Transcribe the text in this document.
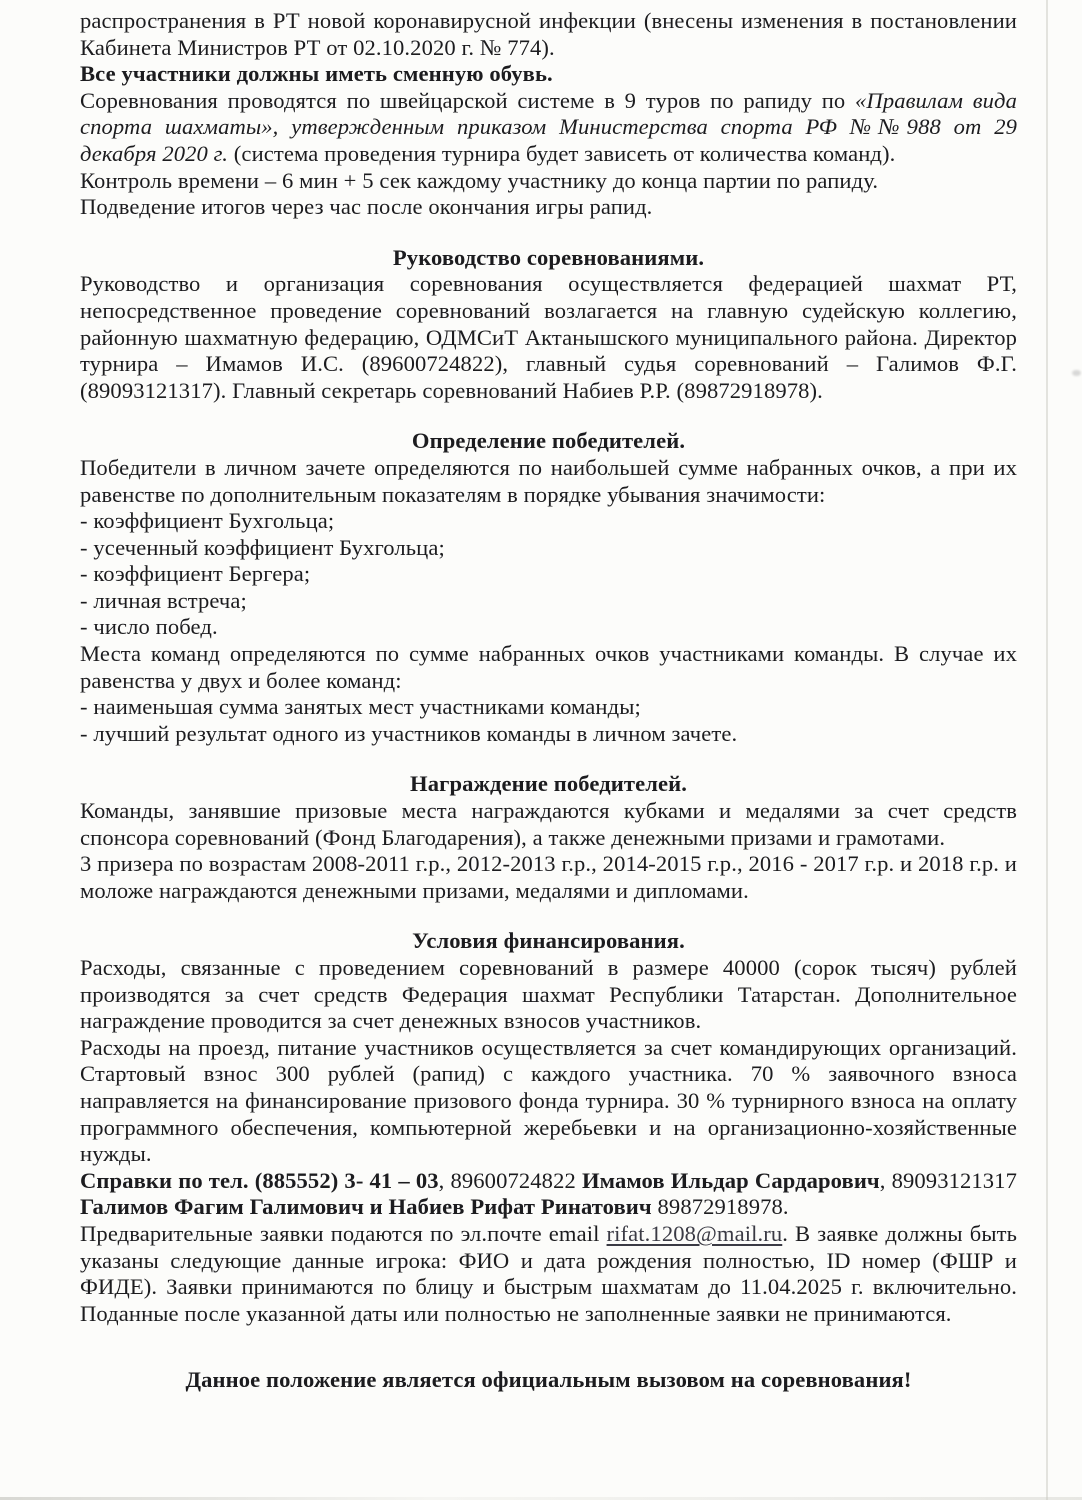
распространения в РТ новой коронавирусной инфекции (внесены изменения в постановлении Кабинета Министров РТ от 02.10.2020 г. № 774).
Все участники должны иметь сменную обувь.
Соревнования проводятся по швейцарской системе в 9 туров по рапиду по «Правилам вида спорта шахматы», утвержденным приказом Министерства спорта РФ №№988 от 29 декабря 2020 г. (система проведения турнира будет зависеть от количества команд).
Контроль времени – 6 мин + 5 сек каждому участнику до конца партии по рапиду.
Подведение итогов через час после окончания игры рапид.
Руководство соревнованиями.
Руководство и организация соревнования осуществляется федерацией шахмат РТ, непосредственное проведение соревнований возлагается на главную судейскую коллегию, районную шахматную федерацию, ОДМСиТ Актанышского муниципального района. Директор турнира – Имамов И.С. (89600724822), главный судья соревнований – Галимов Ф.Г. (89093121317). Главный секретарь соревнований Набиев Р.Р. (89872918978).
Определение победителей.
Победители в личном зачете определяются по наибольшей сумме набранных очков, а при их равенстве по дополнительным показателям в порядке убывания значимости:
- коэффициент Бухгольца;
- усеченный коэффициент Бухгольца;
- коэффициент Бергера;
- личная встреча;
- число побед.
Места команд определяются по сумме набранных очков участниками команды. В случае их равенства у двух и более команд:
- наименьшая сумма занятых мест участниками команды;
- лучший результат одного из участников команды в личном зачете.
Награждение победителей.
Команды, занявшие призовые места награждаются кубками и медалями за счет средств спонсора соревнований (Фонд Благодарения), а также денежными призами и грамотами.
3 призера по возрастам 2008-2011 г.р., 2012-2013 г.р., 2014-2015 г.р., 2016 - 2017 г.р. и 2018 г.р. и моложе награждаются денежными призами, медалями и дипломами.
Условия финансирования.
Расходы, связанные с проведением соревнований в размере 40000 (сорок тысяч) рублей производятся за счет средств Федерация шахмат Республики Татарстан. Дополнительное награждение проводится за счет денежных взносов участников.
Расходы на проезд, питание участников осуществляется за счет командирующих организаций. Стартовый взнос 300 рублей (рапид) с каждого участника. 70 % заявочного взноса направляется на финансирование призового фонда турнира. 30 % турнирного взноса на оплату программного обеспечения, компьютерной жеребьевки и на организационно-хозяйственные нужды.
Справки по тел. (885552) 3- 41 – 03, 89600724822 Имамов Ильдар Сардарович, 89093121317 Галимов Фагим Галимович и Набиев Рифат Ринатович 89872918978.
Предварительные заявки подаются по эл.почте email rifat.1208@mail.ru. В заявке должны быть указаны следующие данные игрока: ФИО и дата рождения полностью, ID номер (ФШР и ФИДЕ). Заявки принимаются по блицу и быстрым шахматам до 11.04.2025 г. включительно. Поданные после указанной даты или полностью не заполненные заявки не принимаются.
Данное положение является официальным вызовом на соревнования!
